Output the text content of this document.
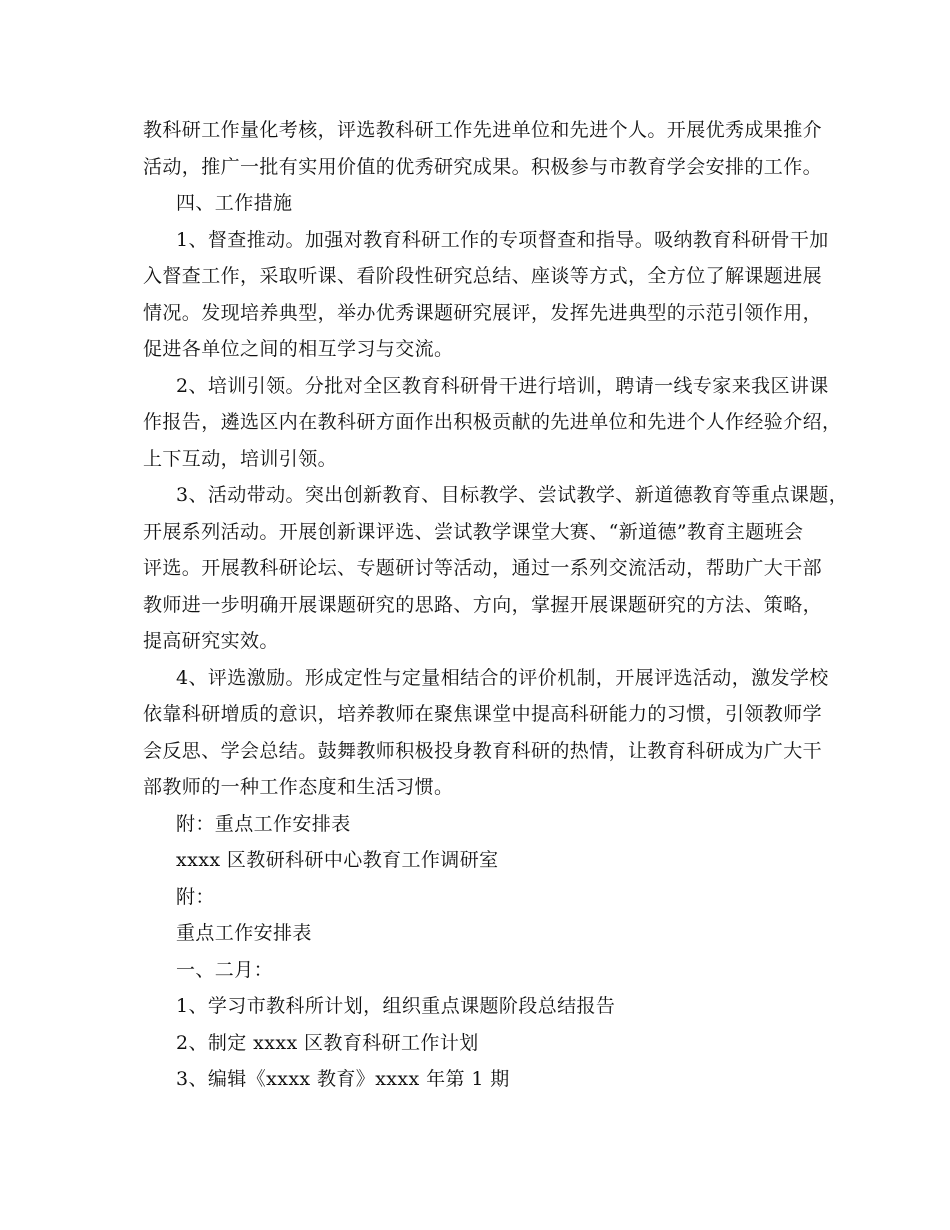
教科研工作量化考核，评选教科研工作先进单位和先进个人。开展优秀成果推介
活动，推广一批有实用价值的优秀研究成果。积极参与市教育学会安排的工作。
四、工作措施
1、督查推动。加强对教育科研工作的专项督查和指导。吸纳教育科研骨干加
入督查工作，采取听课、看阶段性研究总结、座谈等方式，全方位了解课题进展
情况。发现培养典型，举办优秀课题研究展评，发挥先进典型的示范引领作用，
促进各单位之间的相互学习与交流。
2、培训引领。分批对全区教育科研骨干进行培训，聘请一线专家来我区讲课
作报告，遴选区内在教科研方面作出积极贡献的先进单位和先进个人作经验介绍，
上下互动，培训引领。
3、活动带动。突出创新教育、目标教学、尝试教学、新道德教育等重点课题，
开展系列活动。开展创新课评选、尝试教学课堂大赛、“新道德”教育主题班会
评选。开展教科研论坛、专题研讨等活动，通过一系列交流活动，帮助广大干部
教师进一步明确开展课题研究的思路、方向，掌握开展课题研究的方法、策略，
提高研究实效。
4、评选激励。形成定性与定量相结合的评价机制，开展评选活动，激发学校
依靠科研增质的意识，培养教师在聚焦课堂中提高科研能力的习惯，引领教师学
会反思、学会总结。鼓舞教师积极投身教育科研的热情，让教育科研成为广大干
部教师的一种工作态度和生活习惯。
附：重点工作安排表
xxxx 区教研科研中心教育工作调研室
附：
重点工作安排表
一、二月：
1、学习市教科所计划，组织重点课题阶段总结报告
2、制定 xxxx 区教育科研工作计划
3、编辑《xxxx 教育》xxxx 年第 1 期
